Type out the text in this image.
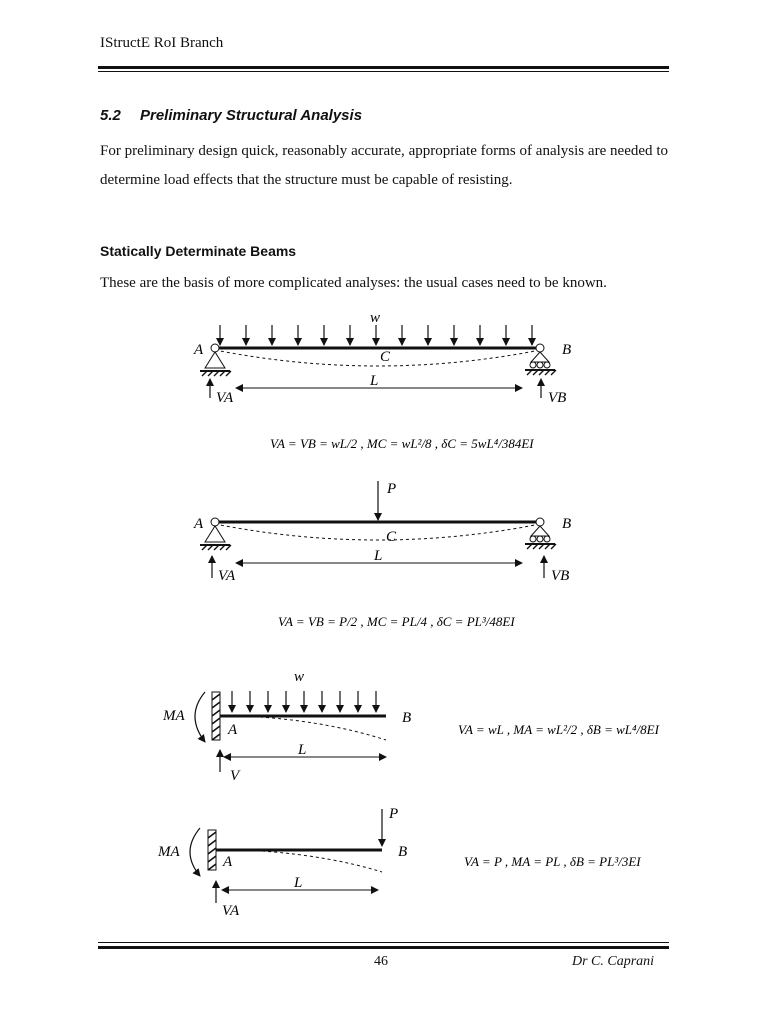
IStructE RoI Branch
5.2 Preliminary Structural Analysis
For preliminary design quick, reasonably accurate, appropriate forms of analysis are needed to determine load effects that the structure must be capable of resisting.
Statically Determinate Beams
These are the basis of more complicated analyses: the usual cases need to be known.
w
A	B
C
L
VA	VB
VA = VB = wL/2 , MC = wL²/8 , δC = 5wL⁴/384EI
P
A	B
C
L
VA	VB
VA = VB = P/2 , MC = PL/4 , δC = PL³/48EI
w
MA
A
B
L
V
VA = wL , MA = wL²/2 , δB = wL⁴/8EI
P
MA
A
B
L
VA
VA = P , MA = PL , δB = PL³/3EI
46	Dr C. Caprani
